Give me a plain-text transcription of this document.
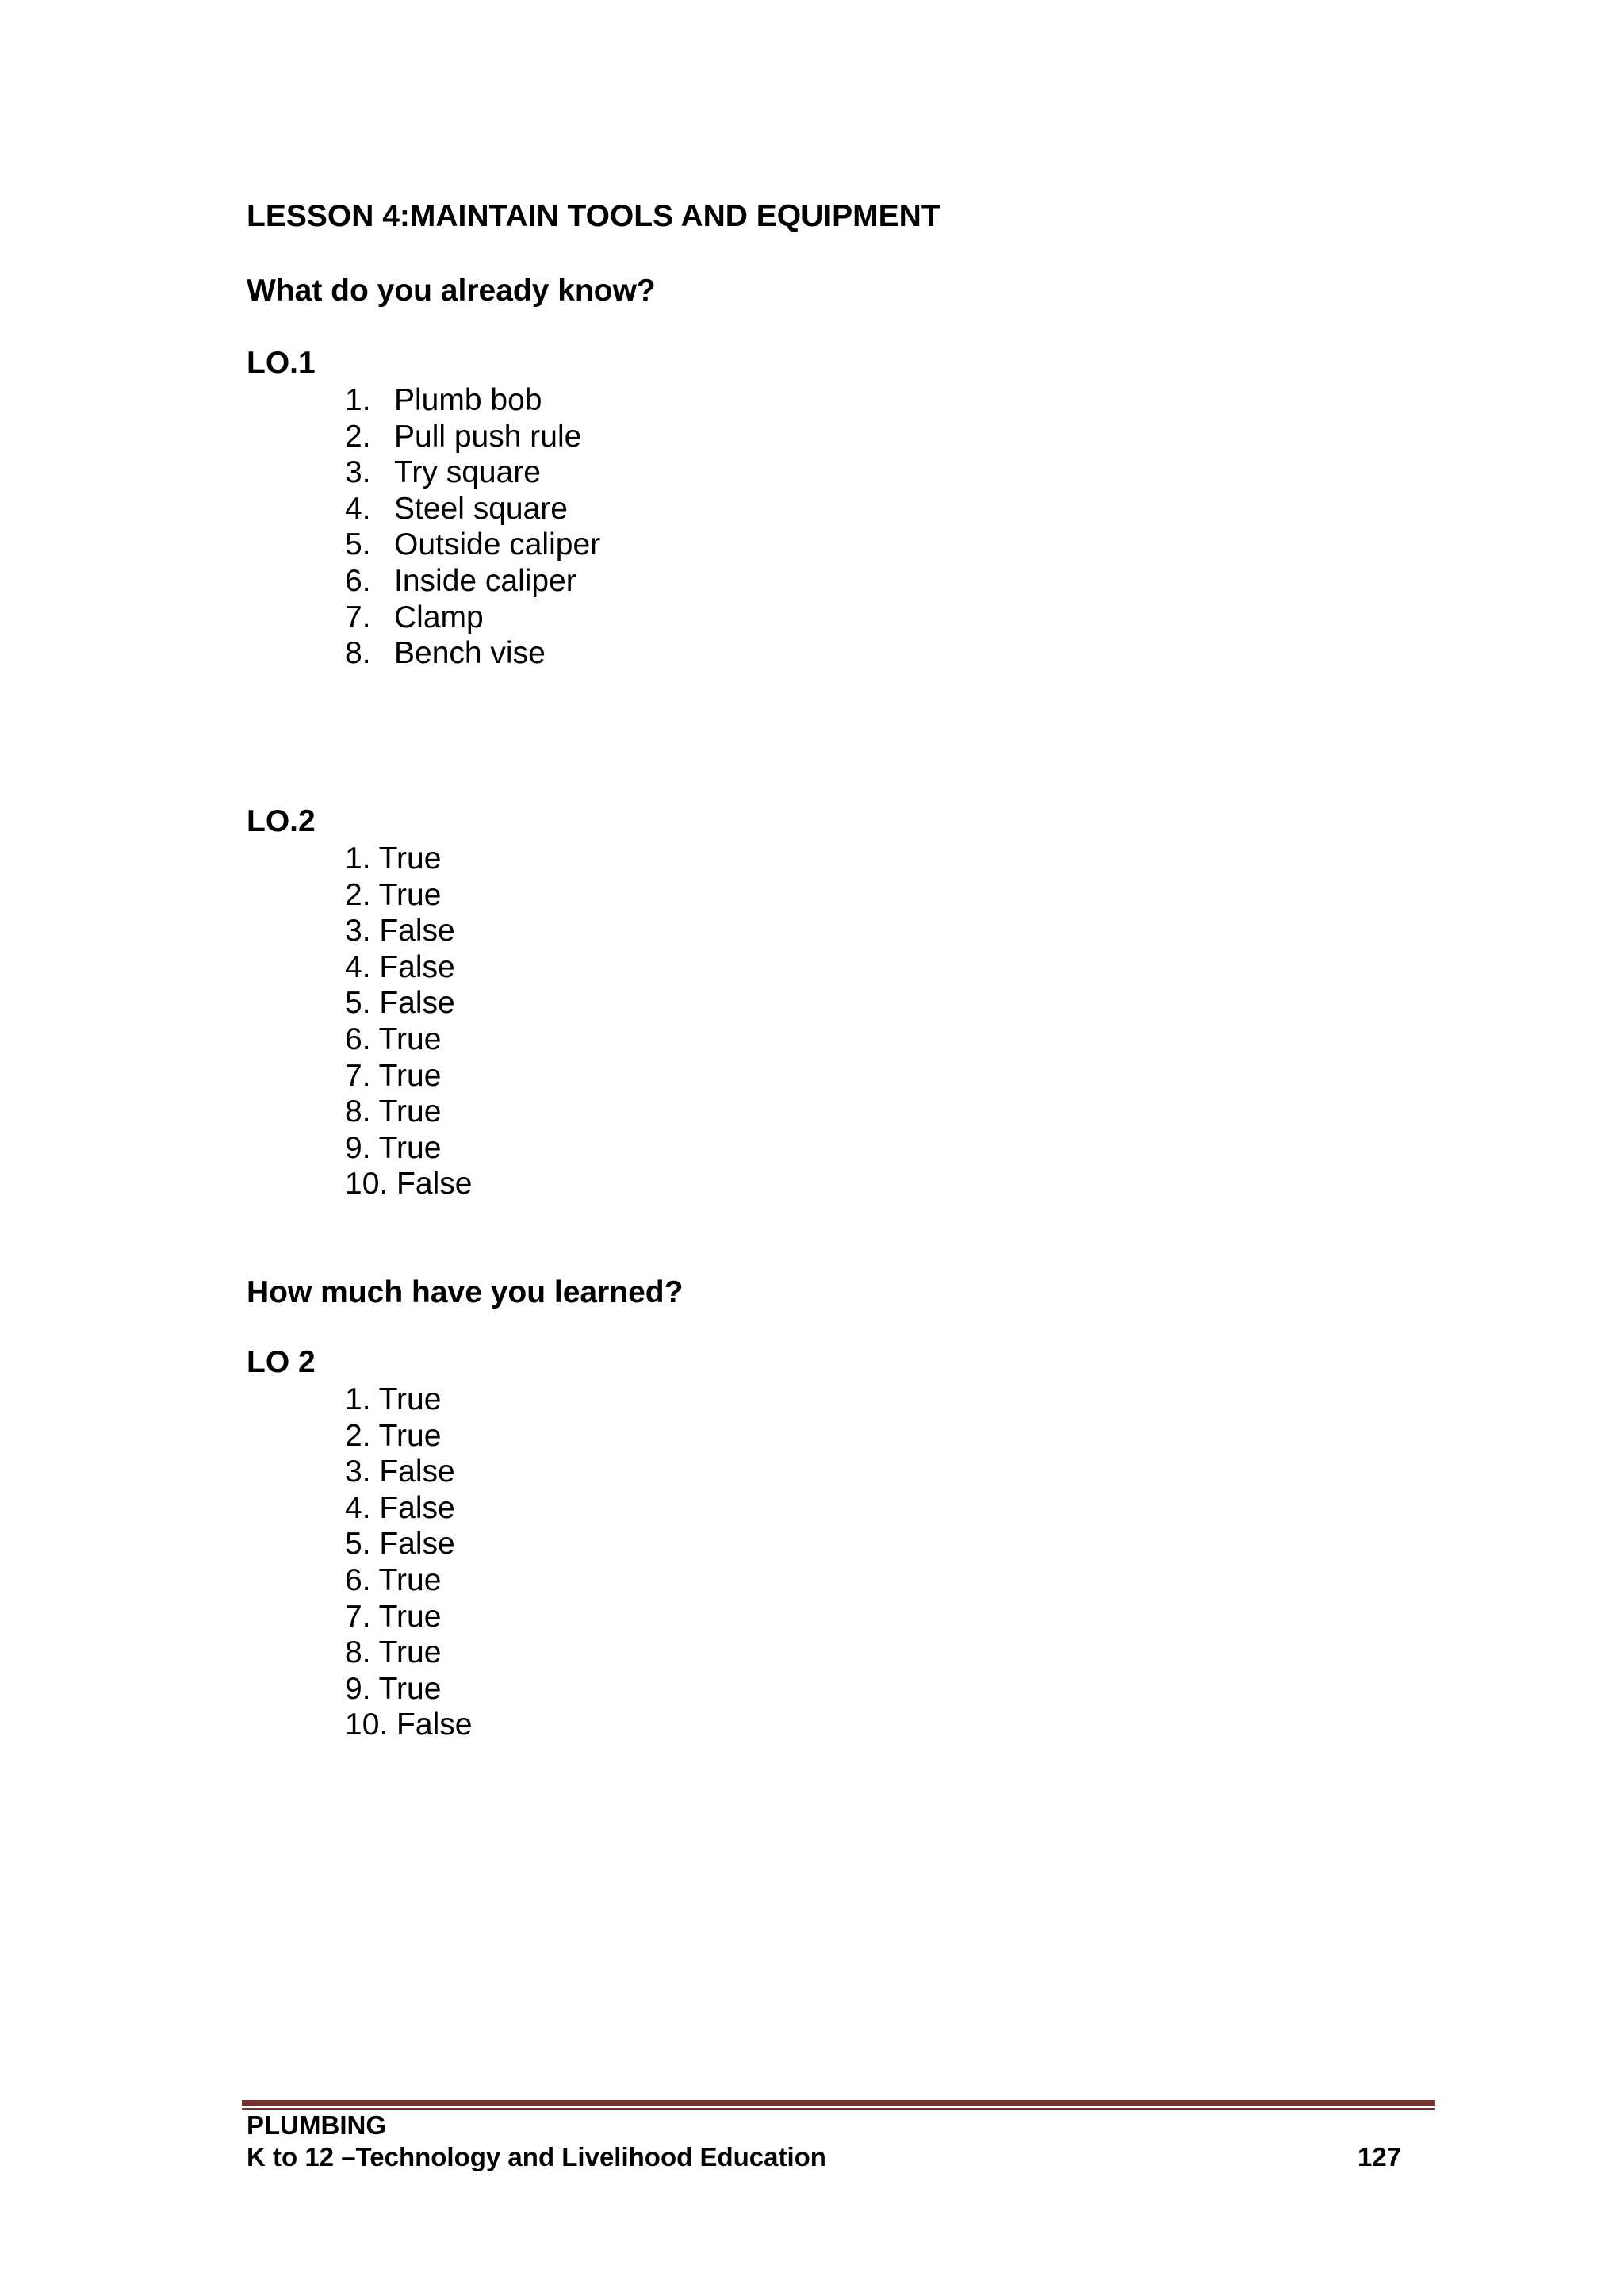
LESSON 4:MAINTAIN TOOLS AND EQUIPMENT
What do you already know?
LO.1
1. Plumb bob
2. Pull push rule
3. Try square
4. Steel square
5. Outside caliper
6. Inside caliper
7. Clamp
8. Bench vise
LO.2
1. True
2. True
3. False
4. False
5. False
6. True
7. True
8. True
9. True
10. False
How much have you learned?
LO 2
1. True
2. True
3. False
4. False
5. False
6. True
7. True
8. True
9. True
10. False
PLUMBING
K to 12 –Technology and Livelihood Education	127
